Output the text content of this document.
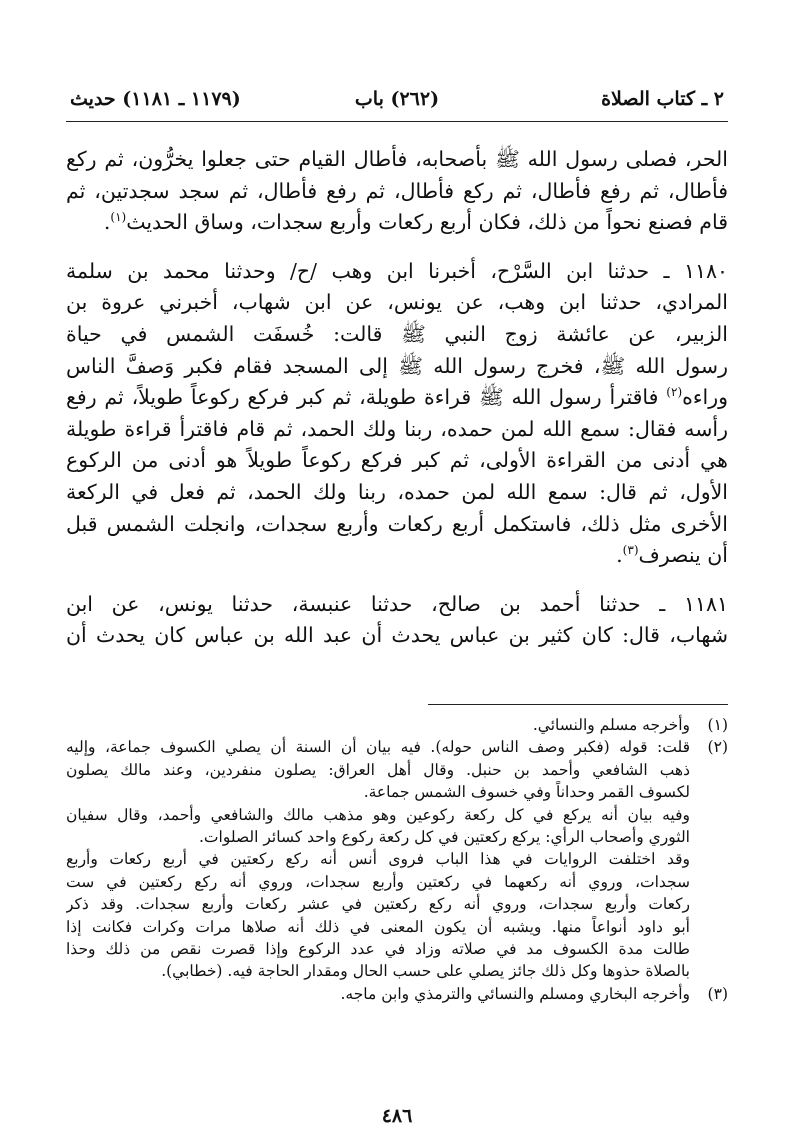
٢ ـ كتاب الصلاة
(٢٦٢) باب
(١١٧٩ ـ ١١٨١) حديث
الحر، فصلى رسول الله ﷺ بأصحابه، فأطال القيام حتى جعلوا يخرُّون، ثم ركع
فأطال، ثم رفع فأطال، ثم ركع فأطال، ثم رفع فأطال، ثم سجد سجدتين، ثم
قام فصنع نحواً من ذلك، فكان أربع ركعات وأربع سجدات، وساق الحديث$^{(١)}$.
١١٨٠ ـ حدثنا ابن السَّرْح، أخبرنا ابن وهب /ح/ وحدثنا محمد بن سلمة
المرادي، حدثنا ابن وهب، عن يونس، عن ابن شهاب، أخبرني عروة بن
الزبير، عن عائشة زوج النبي ﷺ قالت: خُسفَت الشمس في حياة
رسول الله ﷺ، فخرج رسول الله ﷺ إلى المسجد فقام فكبر وَصفَّ الناس
وراءه$^{(٢)}$ فاقترأ رسول الله ﷺ قراءة طويلة، ثم كبر فركع ركوعاً طويلاً، ثم رفع
رأسه فقال: سمع الله لمن حمده، ربنا ولك الحمد، ثم قام فاقترأ قراءة طويلة
هي أدنى من القراءة الأولى، ثم كبر فركع ركوعاً طويلاً هو أدنى من الركوع
الأول، ثم قال: سمع الله لمن حمده، ربنا ولك الحمد، ثم فعل في الركعة
الأخرى مثل ذلك، فاستكمل أربع ركعات وأربع سجدات، وانجلت الشمس قبل
أن ينصرف$^{(٣)}$.
١١٨١ ـ حدثنا أحمد بن صالح، حدثنا عنبسة، حدثنا يونس، عن ابن
شهاب، قال: كان كثير بن عباس يحدث أن عبد الله بن عباس كان يحدث أن
(١)
وأخرجه مسلم والنسائي.
(٢)
قلت: قوله (فكبر وصف الناس حوله). فيه بيان أن السنة أن يصلي الكسوف جماعة، وإليه
ذهب الشافعي وأحمد بن حنبل. وقال أهل العراق: يصلون منفردين، وعند مالك يصلون
لكسوف القمر وحداناً وفي خسوف الشمس جماعة.
وفيه بيان أنه يركع في كل ركعة ركوعين وهو مذهب مالك والشافعي وأحمد، وقال سفيان
الثوري وأصحاب الرأي: يركع ركعتين في كل ركعة ركوع واحد كسائر الصلوات.
وقد اختلفت الروايات في هذا الباب فروى أنس أنه ركع ركعتين في أربع ركعات وأربع
سجدات، وروي أنه ركعهما في ركعتين وأربع سجدات، وروي أنه ركع ركعتين في ست
ركعات وأربع سجدات، وروي أنه ركع ركعتين في عشر ركعات وأربع سجدات. وقد ذكر
أبو داود أنواعاً منها. ويشبه أن يكون المعنى في ذلك أنه صلاها مرات وكرات فكانت إذا
طالت مدة الكسوف مد في صلاته وزاد في عدد الركوع وإذا قصرت نقص من ذلك وحذا
بالصلاة حذوها وكل ذلك جائز يصلي على حسب الحال ومقدار الحاجة فيه. (خطابي).
(٣)
وأخرجه البخاري ومسلم والنسائي والترمذي وابن ماجه.
٤٨٦
